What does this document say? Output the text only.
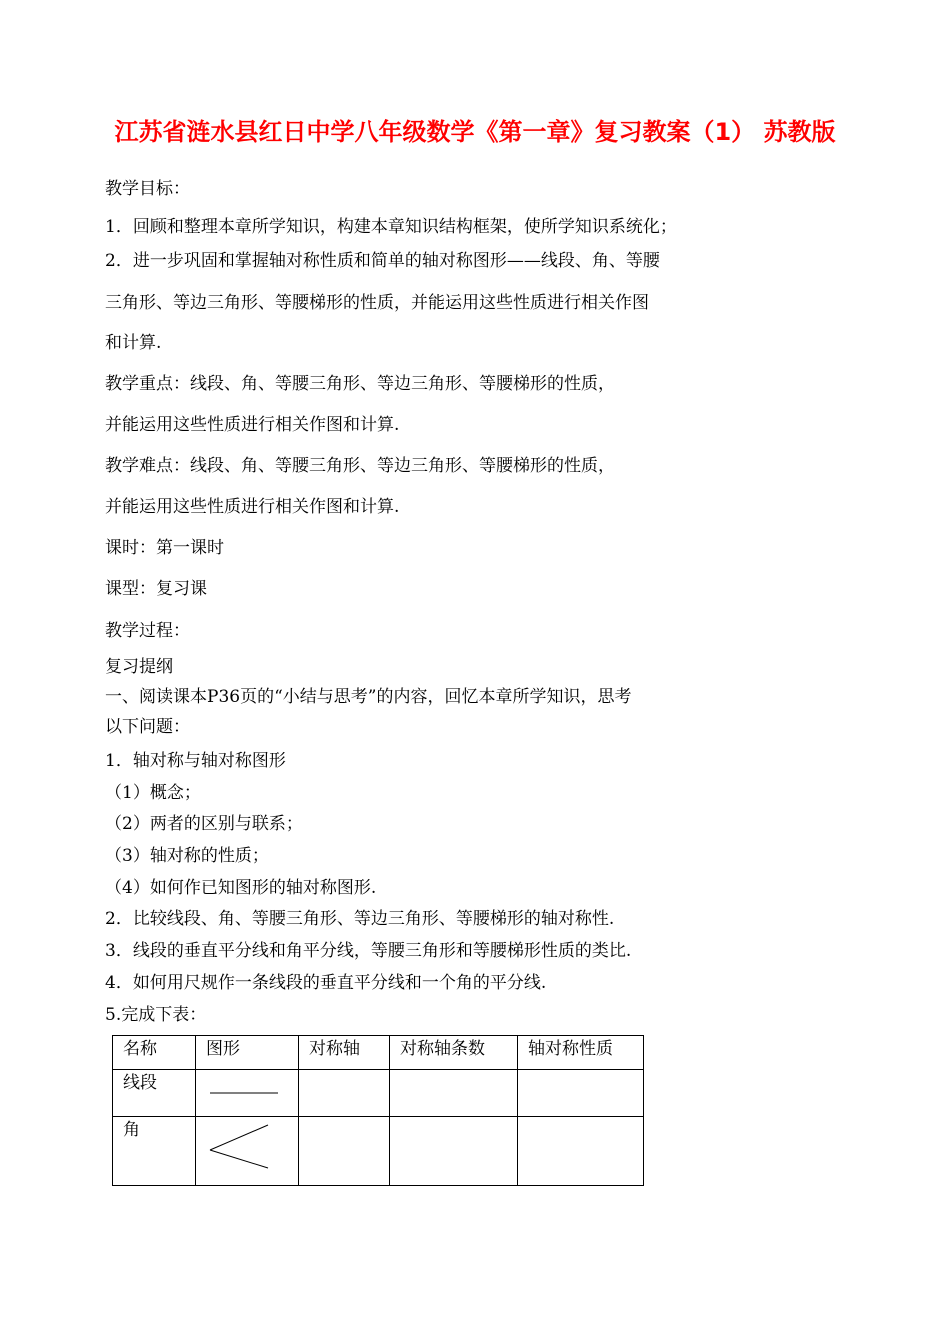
江苏省涟水县红日中学八年级数学《第一章》复习教案（1） 苏教版
教学目标：
1．回顾和整理本章所学知识，构建本章知识结构框架，使所学知识系统化；
2．进一步巩固和掌握轴对称性质和简单的轴对称图形——线段、角、等腰
三角形、等边三角形、等腰梯形的性质，并能运用这些性质进行相关作图
和计算.
教学重点：线段、角、等腰三角形、等边三角形、等腰梯形的性质，
并能运用这些性质进行相关作图和计算.
教学难点：线段、角、等腰三角形、等边三角形、等腰梯形的性质，
并能运用这些性质进行相关作图和计算.
课时：第一课时
课型：复习课
教学过程：
复习提纲
一、阅读课本P36页的“小结与思考”的内容，回忆本章所学知识，思考
以下问题：
1．轴对称与轴对称图形
（1）概念；
（2）两者的区别与联系；
（3）轴对称的性质；
（4）如何作已知图形的轴对称图形.
2．比较线段、角、等腰三角形、等边三角形、等腰梯形的轴对称性.
3．线段的垂直平分线和角平分线，等腰三角形和等腰梯形性质的类比.
4．如何用尺规作一条线段的垂直平分线和一个角的平分线.
5.完成下表：
名称	图形	对称轴	对称轴条数	轴对称性质
线段				
角				
